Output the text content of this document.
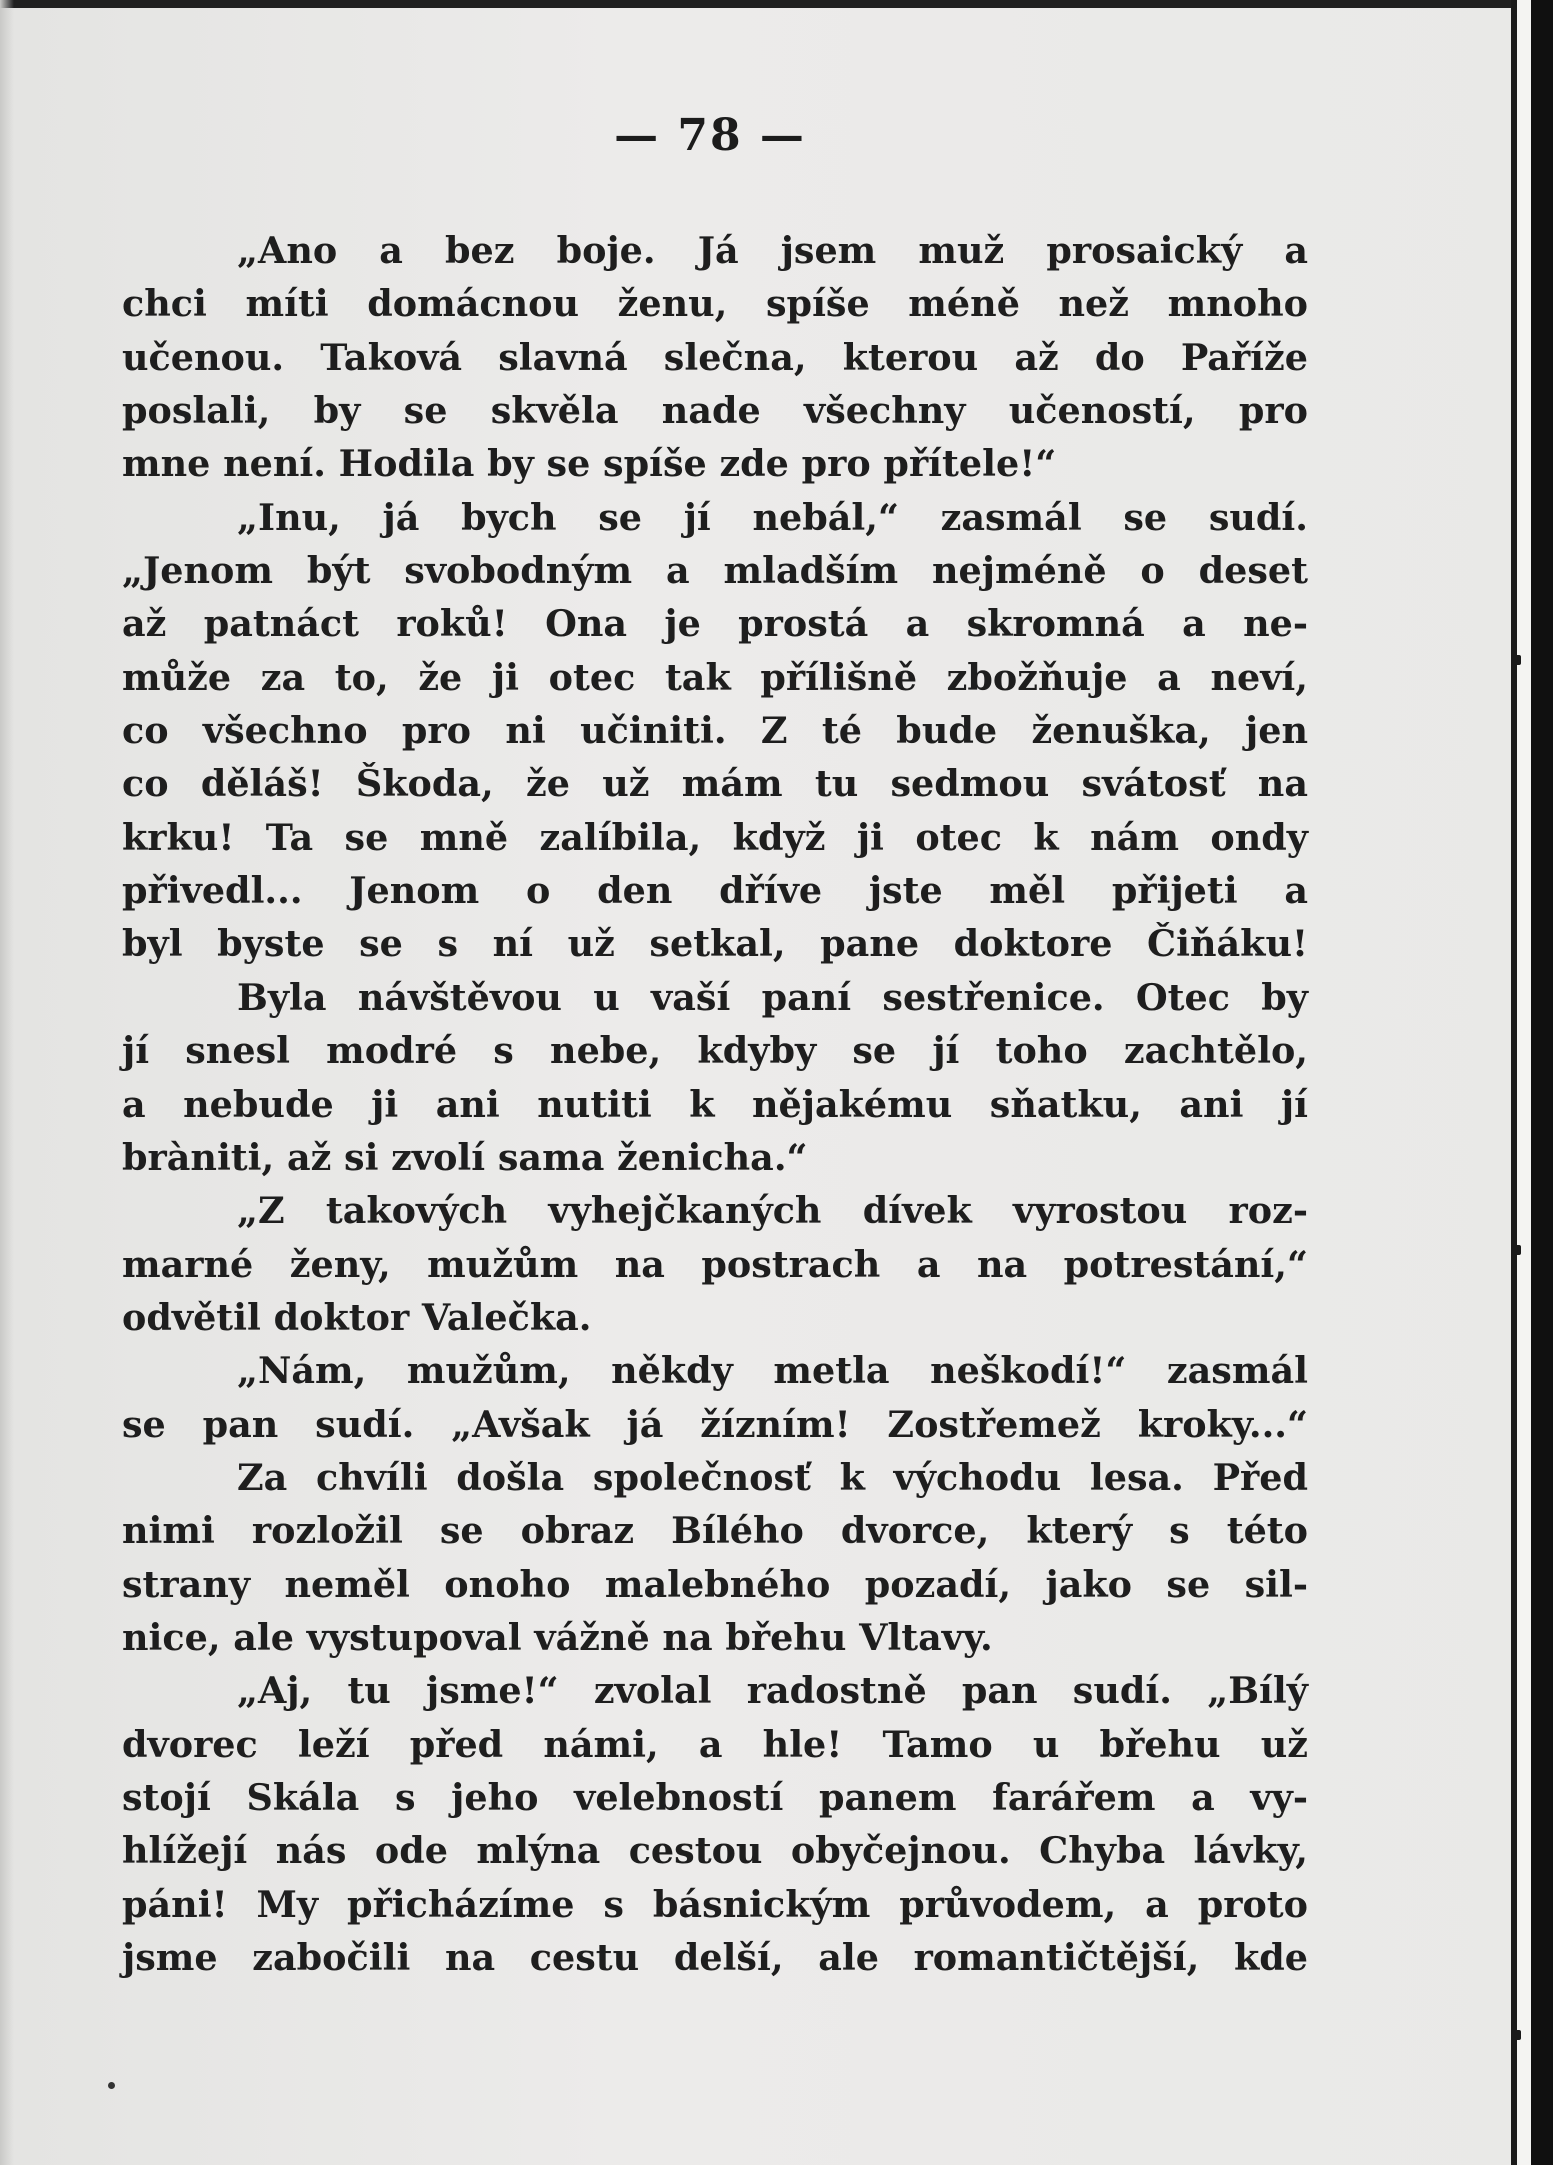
— 78 —
„Ano a bez boje. Já jsem muž prosaický a
chci míti domácnou ženu, spíše méně než mnoho
učenou. Taková slavná slečna, kterou až do Paříže
poslali, by se skvěla nade všechny učeností, pro
mne není. Hodila by se spíše zde pro přítele!“
„Inu, já bych se jí nebál,“ zasmál se sudí.
„Jenom být svobodným a mladším nejméně o deset
až patnáct roků! Ona je prostá a skromná a ne-
může za to, že ji otec tak přílišně zbožňuje a neví,
co všechno pro ni učiniti. Z té bude ženuška, jen
co děláš! Škoda, že už mám tu sedmou svátosť na
krku! Ta se mně zalíbila, když ji otec k nám ondy
přivedl... Jenom o den dříve jste měl přijeti a
byl byste se s ní už setkal, pane doktore Čiňáku!
Byla návštěvou u vaší paní sestřenice. Otec by
jí snesl modré s nebe, kdyby se jí toho zachtělo,
a nebude ji ani nutiti k nějakému sňatku, ani jí
bràniti, až si zvolí sama ženicha.“
„Z takových vyhejčkaných dívek vyrostou roz-
marné ženy, mužům na postrach a na potrestání,“
odvětil doktor Valečka.
„Nám, mužům, někdy metla neškodí!“ zasmál
se pan sudí. „Avšak já žízním! Zostřemež kroky...“
Za chvíli došla společnosť k východu lesa. Před
nimi rozložil se obraz Bílého dvorce, který s této
strany neměl onoho malebného pozadí, jako se sil-
nice, ale vystupoval vážně na břehu Vltavy.
„Aj, tu jsme!“ zvolal radostně pan sudí. „Bílý
dvorec leží před námi, a hle! Tamo u břehu už
stojí Skála s jeho velebností panem farářem a vy-
hlížejí nás ode mlýna cestou obyčejnou. Chyba lávky,
páni! My přicházíme s básnickým průvodem, a proto
jsme zabočili na cestu delší, ale romantičtější, kde
